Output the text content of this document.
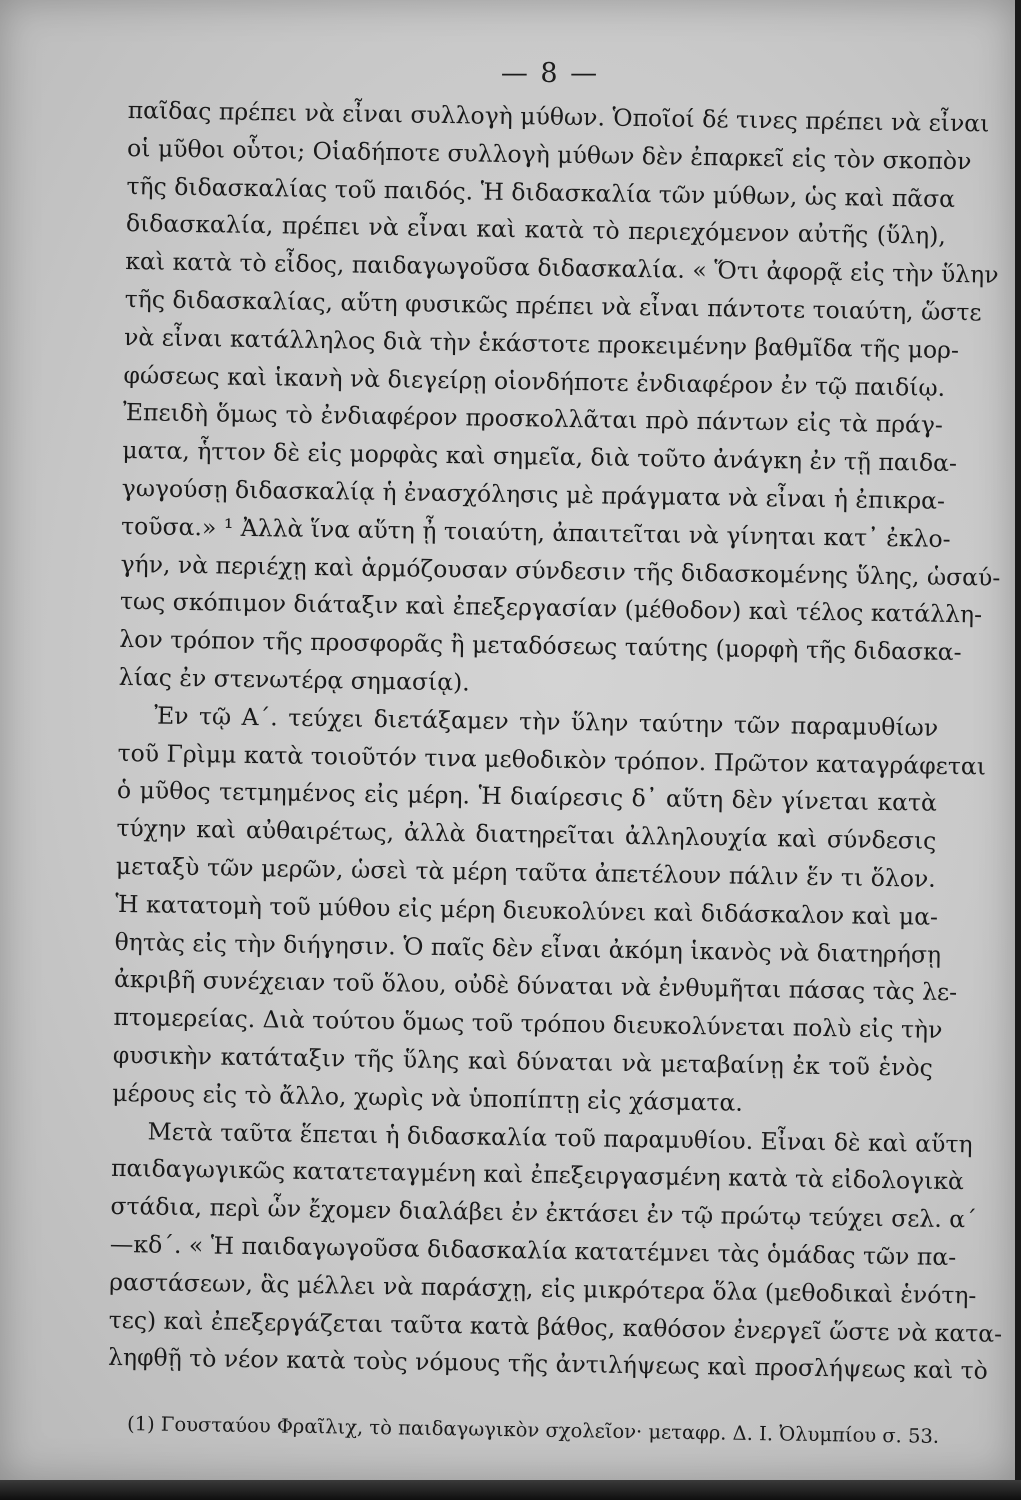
— 8 —
παῖδας πρέπει νὰ εἶναι συλλογὴ μύθων. Ὁποῖοί δέ τινες πρέπει νὰ εἶναι
οἱ μῦθοι οὗτοι; Οἱαδήποτε συλλογὴ μύθων δὲν ἐπαρκεῖ εἰς τὸν σκοπὸν
τῆς διδασκαλίας τοῦ παιδός. Ἡ διδασκαλία τῶν μύθων, ὡς καὶ πᾶσα
διδασκαλία, πρέπει νὰ εἶναι καὶ κατὰ τὸ περιεχόμενον αὐτῆς (ὕλη),
καὶ κατὰ τὸ εἶδος, παιδαγωγοῦσα διδασκαλία. « Ὅτι ἀφορᾷ εἰς τὴν ὕλην
τῆς διδασκαλίας, αὕτη φυσικῶς πρέπει νὰ εἶναι πάντοτε τοιαύτη, ὥστε
νὰ εἶναι κατάλληλος διὰ τὴν ἑκάστοτε προκειμένην βαθμῖδα τῆς μορ-
φώσεως καὶ ἱκανὴ νὰ διεγείρῃ οἱονδήποτε ἐνδιαφέρον ἐν τῷ παιδίῳ.
Ἐπειδὴ ὅμως τὸ ἐνδιαφέρον προσκολλᾶται πρὸ πάντων εἰς τὰ πράγ-
ματα, ἧττον δὲ εἰς μορφὰς καὶ σημεῖα, διὰ τοῦτο ἀνάγκη ἐν τῇ παιδα-
γωγούσῃ διδασκαλίᾳ ἡ ἐνασχόλησις μὲ πράγματα νὰ εἶναι ἡ ἐπικρα-
τοῦσα.» ¹ Ἀλλὰ ἵνα αὕτη ᾖ τοιαύτη, ἀπαιτεῖται νὰ γίνηται κατ᾽ ἐκλο-
γήν, νὰ περιέχῃ καὶ ἁρμόζουσαν σύνδεσιν τῆς διδασκομένης ὕλης, ὡσαύ-
τως σκόπιμον διάταξιν καὶ ἐπεξεργασίαν (μέθοδον) καὶ τέλος κατάλλη-
λον τρόπον τῆς προσφορᾶς ἢ μεταδόσεως ταύτης (μορφὴ τῆς διδασκα-
λίας ἐν στενωτέρᾳ σημασίᾳ).
Ἐν τῷ Α΄. τεύχει διετάξαμεν τὴν ὕλην ταύτην τῶν παραμυθίων
τοῦ Γρὶμμ κατὰ τοιοῦτόν τινα μεθοδικὸν τρόπον. Πρῶτον καταγράφεται
ὁ μῦθος τετμημένος εἰς μέρη. Ἡ διαίρεσις δ᾽ αὕτη δὲν γίνεται κατὰ
τύχην καὶ αὐθαιρέτως, ἀλλὰ διατηρεῖται ἀλληλουχία καὶ σύνδεσις
μεταξὺ τῶν μερῶν, ὡσεὶ τὰ μέρη ταῦτα ἀπετέλουν πάλιν ἕν τι ὅλον.
Ἡ κατατομὴ τοῦ μύθου εἰς μέρη διευκολύνει καὶ διδάσκαλον καὶ μα-
θητὰς εἰς τὴν διήγησιν. Ὁ παῖς δὲν εἶναι ἀκόμη ἱκανὸς νὰ διατηρήσῃ
ἀκριβῆ συνέχειαν τοῦ ὅλου, οὐδὲ δύναται νὰ ἐνθυμῆται πάσας τὰς λε-
πτομερείας. Διὰ τούτου ὅμως τοῦ τρόπου διευκολύνεται πολὺ εἰς τὴν
φυσικὴν κατάταξιν τῆς ὕλης καὶ δύναται νὰ μεταβαίνῃ ἐκ τοῦ ἑνὸς
μέρους εἰς τὸ ἄλλο, χωρὶς νὰ ὑποπίπτῃ εἰς χάσματα.
Μετὰ ταῦτα ἕπεται ἡ διδασκαλία τοῦ παραμυθίου. Εἶναι δὲ καὶ αὕτη
παιδαγωγικῶς κατατεταγμένη καὶ ἐπεξειργασμένη κατὰ τὰ εἰδολογικὰ
στάδια, περὶ ὧν ἔχομεν διαλάβει ἐν ἐκτάσει ἐν τῷ πρώτῳ τεύχει σελ. α΄
—κδ΄. « Ἡ παιδαγωγοῦσα διδασκαλία κατατέμνει τὰς ὁμάδας τῶν πα-
ραστάσεων, ἃς μέλλει νὰ παράσχῃ, εἰς μικρότερα ὅλα (μεθοδικαὶ ἑνότη-
τες) καὶ ἐπεξεργάζεται ταῦτα κατὰ βάθος, καθόσον ἐνεργεῖ ὥστε νὰ κατα-
ληφθῇ τὸ νέον κατὰ τοὺς νόμους τῆς ἀντιλήψεως καὶ προσλήψεως καὶ τὸ
(1) Γουσταύου Φραῖλιχ, τὸ παιδαγωγικὸν σχολεῖον· μεταφρ. Δ. Ι. Ὀλυμπίου σ. 53.
